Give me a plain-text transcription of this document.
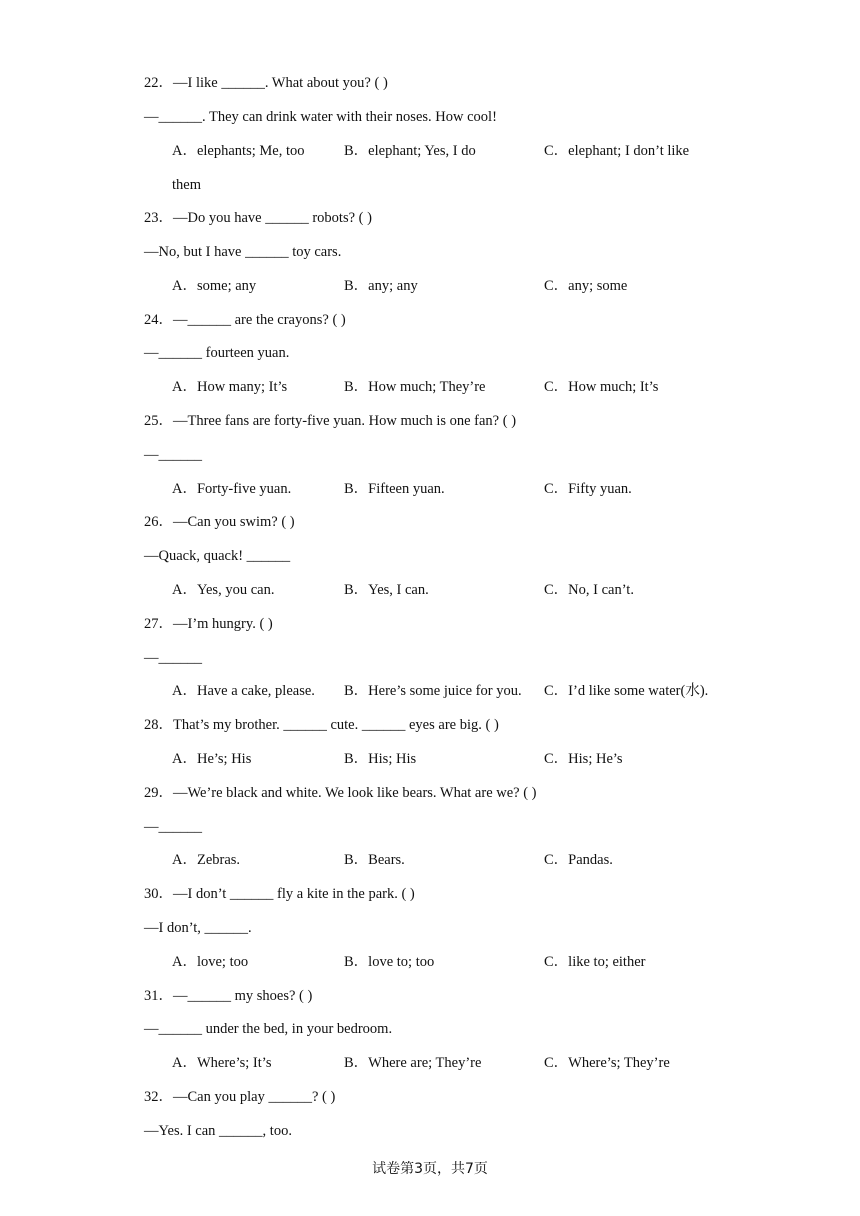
22．—I like ______. What about you? ( )
—______. They can drink water with their noses. How cool!
A．elephants; Me, too	B．elephant; Yes, I do	C．elephant; I don’t like
them
23．—Do you have ______ robots? ( )
—No, but I have ______ toy cars.
A．some; any	B．any; any	C．any; some
24．—______ are the crayons? ( )
—______ fourteen yuan.
A．How many; It’s	B．How much; They’re	C．How much; It’s
25．—Three fans are forty-five yuan. How much is one fan? ( )
—______
A．Forty-five yuan.	B．Fifteen yuan.	C．Fifty yuan.
26．—Can you swim? ( )
—Quack, quack! ______
A．Yes, you can.	B．Yes, I can.	C．No, I can’t.
27．—I’m hungry. ( )
—______
A．Have a cake, please. B．Here’s some juice for you. C．I’d like some water(水).
28．That’s my brother. ______ cute. ______ eyes are big. ( )
A．He’s; His	B．His; His	C．His; He’s
29．—We’re black and white. We look like bears. What are we? ( )
—______
A．Zebras.	B．Bears.	C．Pandas.
30．—I don’t ______ fly a kite in the park. ( )
—I don’t, ______.
A．love; too	B．love to; too	C．like to; either
31．—______ my shoes? ( )
—______ under the bed, in your bedroom.
A．Where’s; It’s	B．Where are; They’re	C．Where’s; They’re
32．—Can you play ______? ( )
—Yes. I can ______, too.
试卷第3页，共7页
